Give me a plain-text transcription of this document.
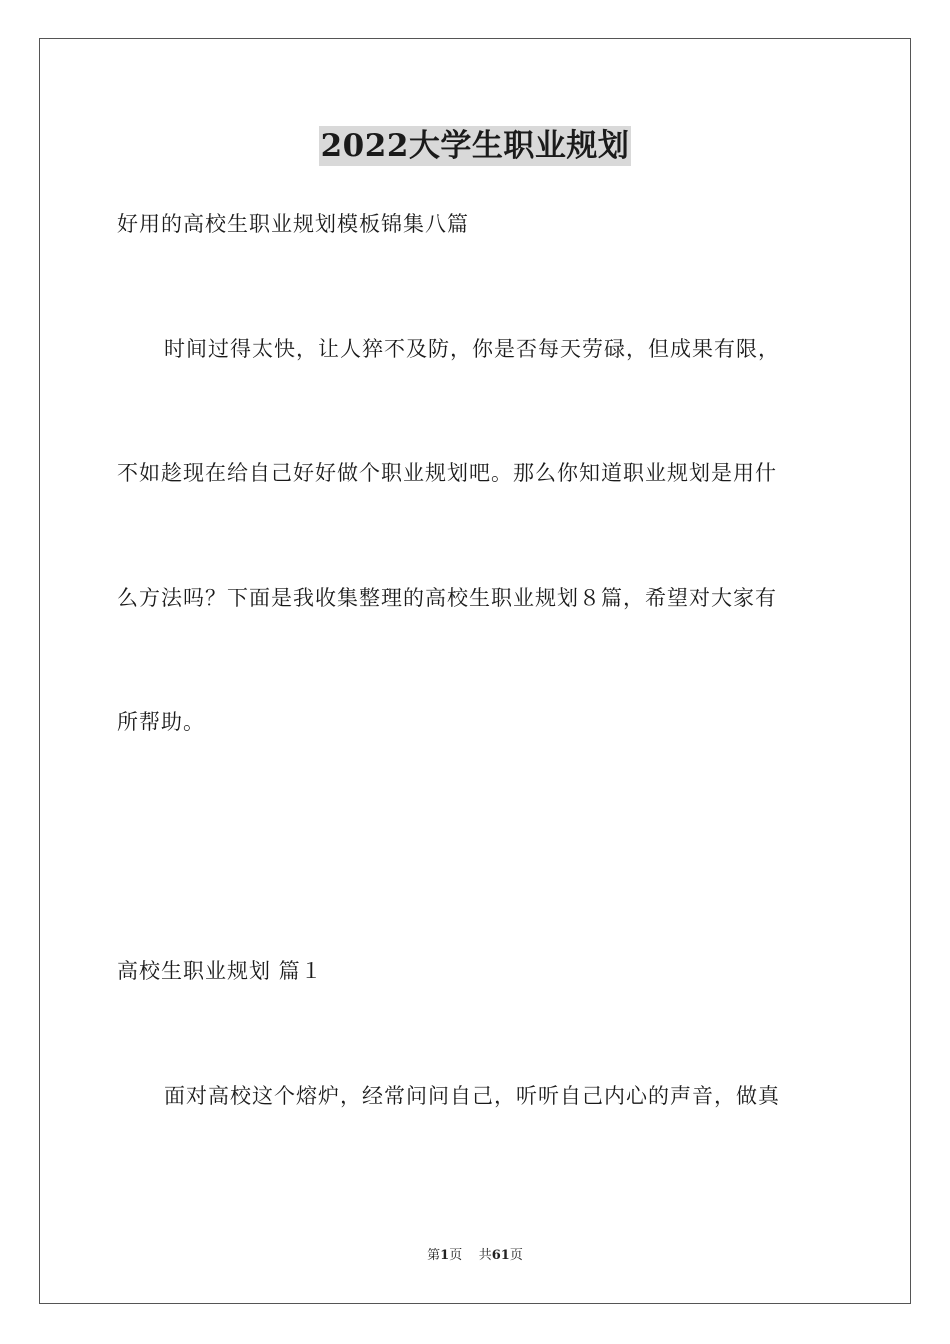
2022大学生职业规划
好用的高校生职业规划模板锦集八篇
时间过得太快，让人猝不及防，你是否每天劳碌，但成果有限，
不如趁现在给自己好好做个职业规划吧。那么你知道职业规划是用什
么方法吗？下面是我收集整理的高校生职业规划８篇，希望对大家有
所帮助。
高校生职业规划 篇１
面对高校这个熔炉，经常问问自己，听听自己内心的声音，做真
第1页 共61页
